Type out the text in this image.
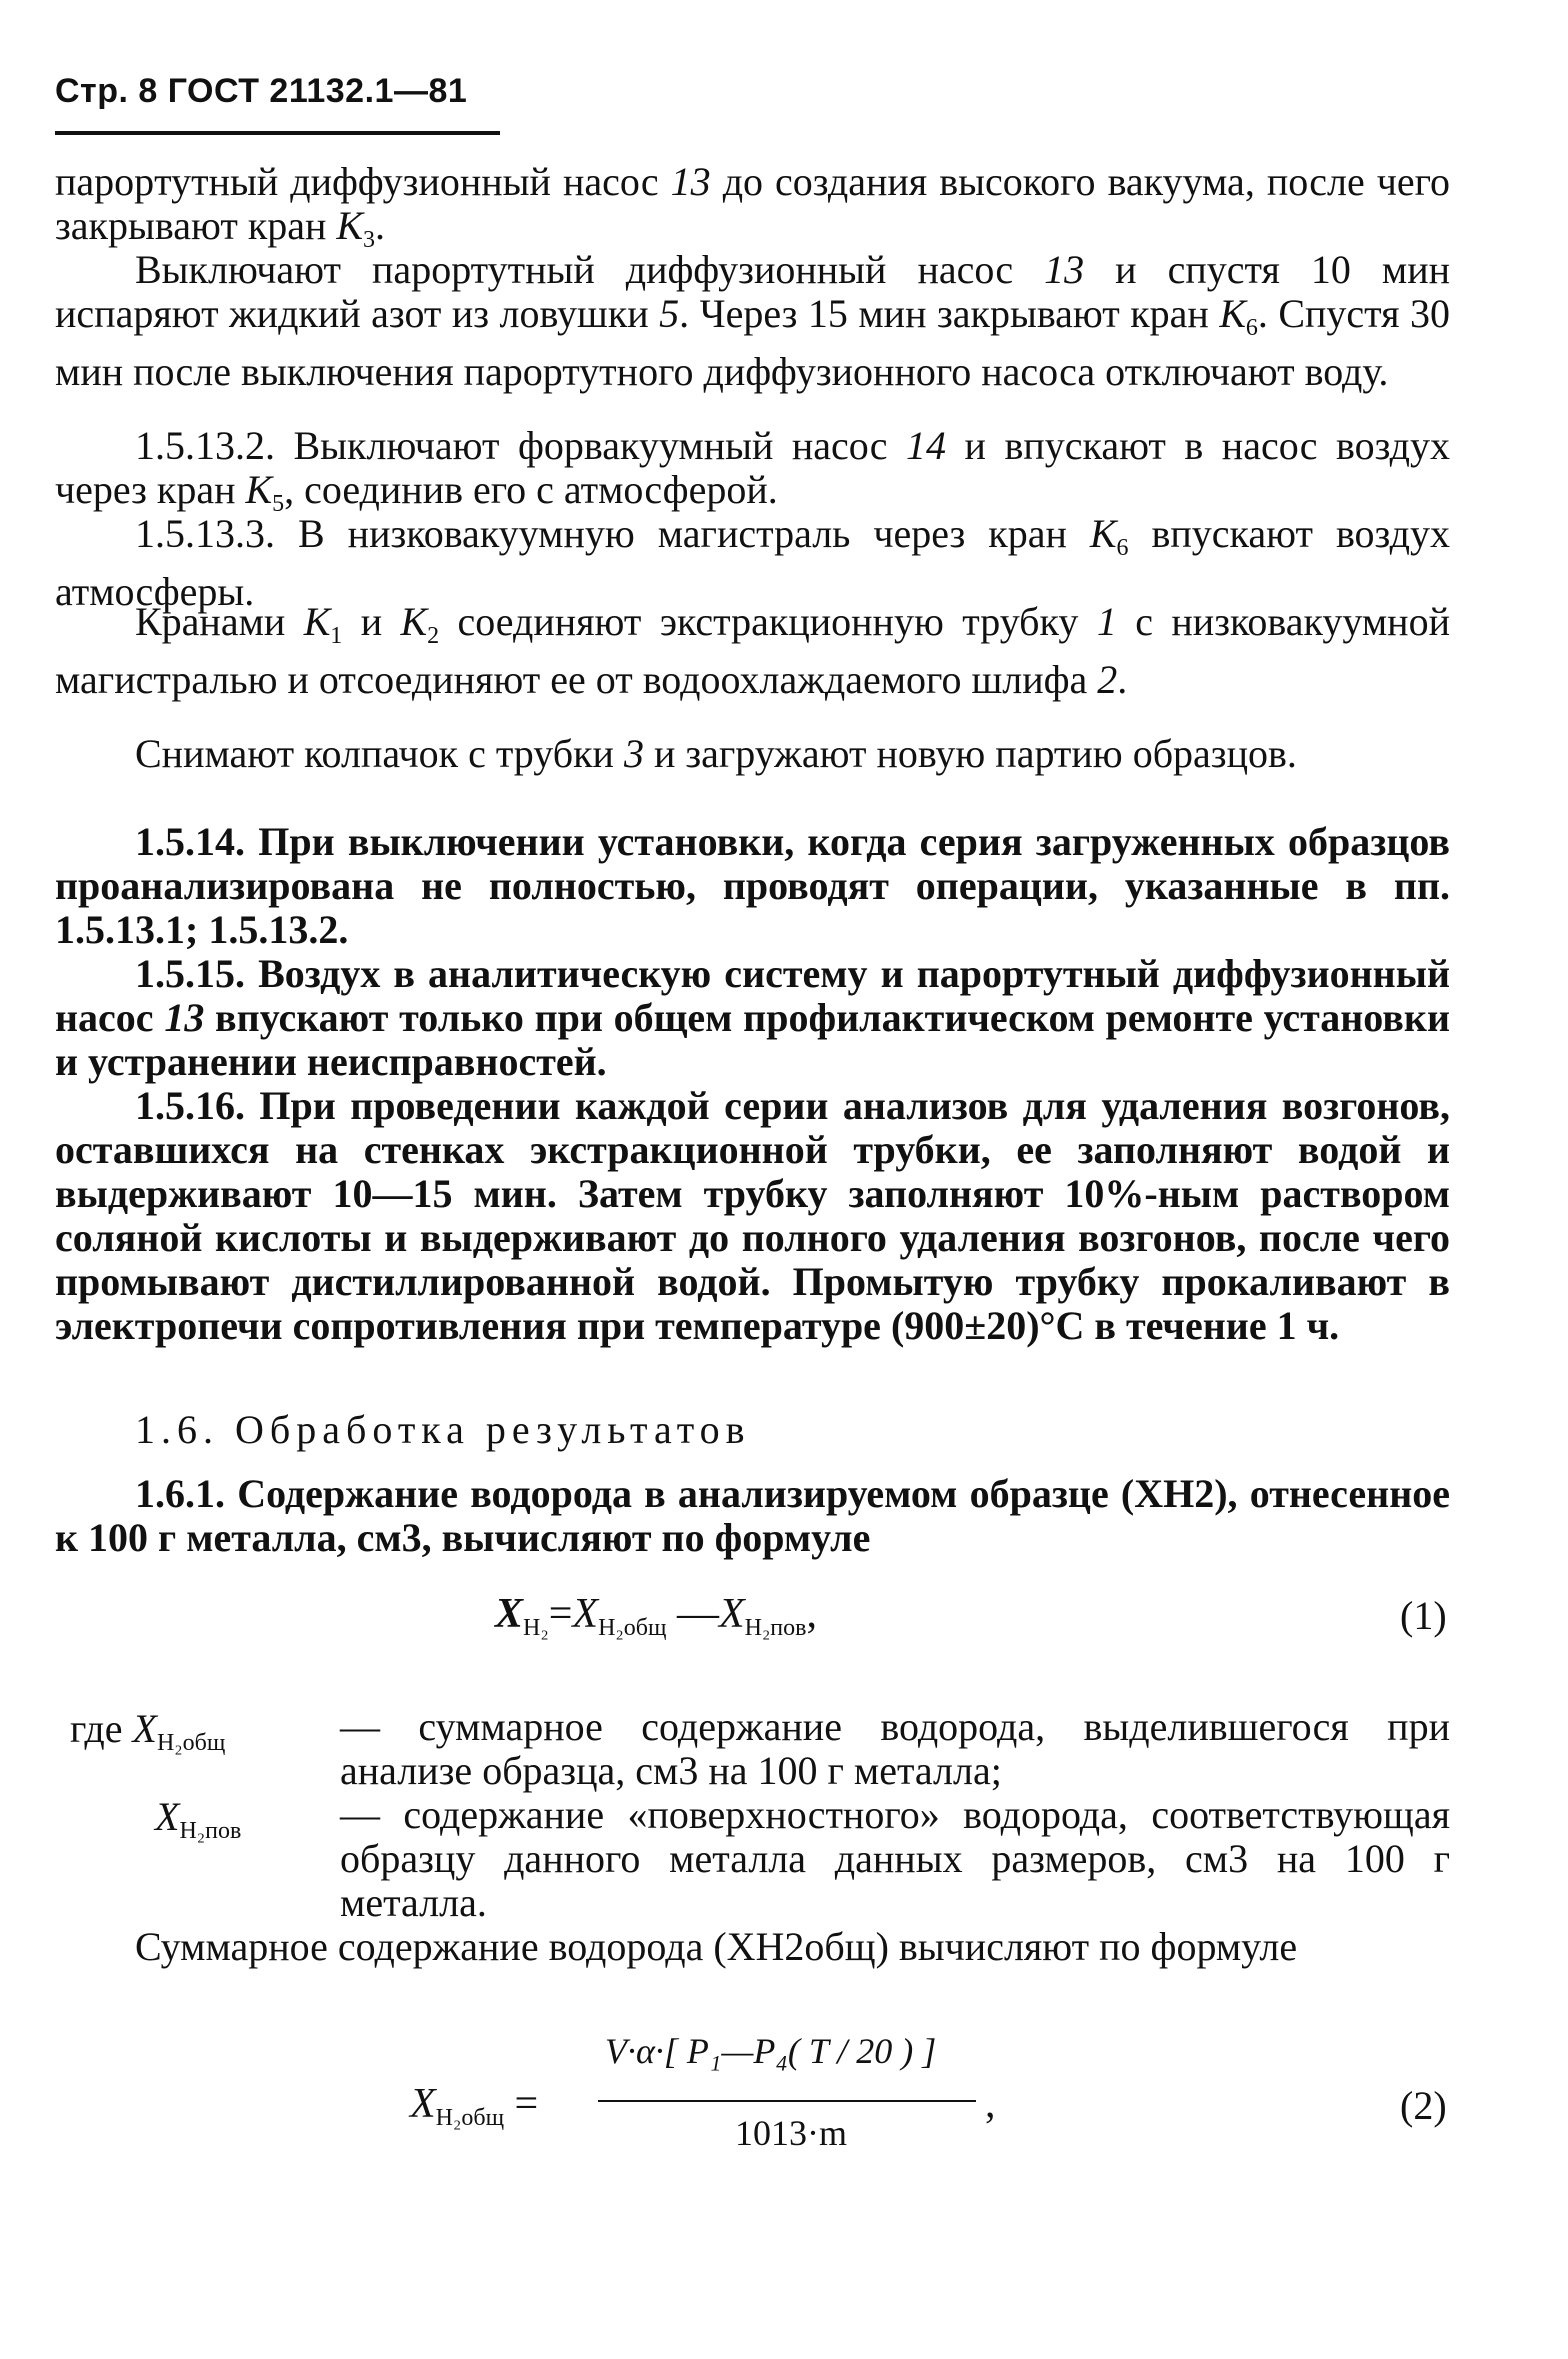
Стр. 8 ГОСТ 21132.1—81

пароpтутный диффузионный насос 13 до создания высокого вакуума, после чего закрывают кран $К_3$.

Выключают паpортутный диффузионный насос 13 и спустя 10 мин испаряют жидкий азот из ловушки 5. Через 15 мин закрывают кран $К_6$. Спустя 30 мин после выключения паpортутного диффузионного насоса отключают воду.

1.5.13.2. Выключают форвакуумный насос 14 и впускают в насос воздух через кран $К_5$, соединив его с атмосферой.

1.5.13.3. В низковакуумную магистраль через кран $К_6$ впускают воздух атмосферы.

Кранами $К_1$ и $К_2$ соединяют экстракционную трубку 1 с низковакуумной магистралью и отсоединяют ее от водоохлаждаемого шлифа 2.

Снимают колпачок с трубки 3 и загружают новую партию образцов.

1.5.14. При выключении установки, когда серия загруженных образцов проанализирована не полностью, проводят операции, указанные в пп. 1.5.13.1; 1.5.13.2.

1.5.15. Воздух в аналитическую систему и паpортутный диффузионный насос 13 впускают только при общем профилактическом ремонте установки и устранении неисправностей.

1.5.16. При проведении каждой серии анализов для удаления возгонов, оставшихся на стенках экстракционной трубки, ее заполняют водой и выдерживают 10—15 мин. Затем трубку заполняют 10%-ным раствором соляной кислоты и выдерживают до полного удаления возгонов, после чего промывают дистиллированной водой. Промытую трубку прокаливают в электропечи сопротивления при температуре (900±20)°С в течение 1 ч.

1.6. Обработка результатов

1.6.1. Содержание водорода в анализируемом образце (XH2), отнесенное к 100 г металла, см3, вычисляют по формуле

$X_{H_2}=X_{H_2общ}$ $—X_{H_2пов}$,	(1)
где $X_{H_2общ}$	— суммарное содержание водорода, выделившегося при анализе образца, см3 на 100 г металла;

$X_{H_2пов}$ — содержание «поверхностного» водорода, соответствующая образцу данного металла данных размеров, см3 на 100 г металла.

Суммарное содержание водорода (XH2общ) вычисляют по формуле

$X_{H_2общ}$ =
V·α·[ P₁—P₄( T / 20 ) ]
1013·m
,	(2)
